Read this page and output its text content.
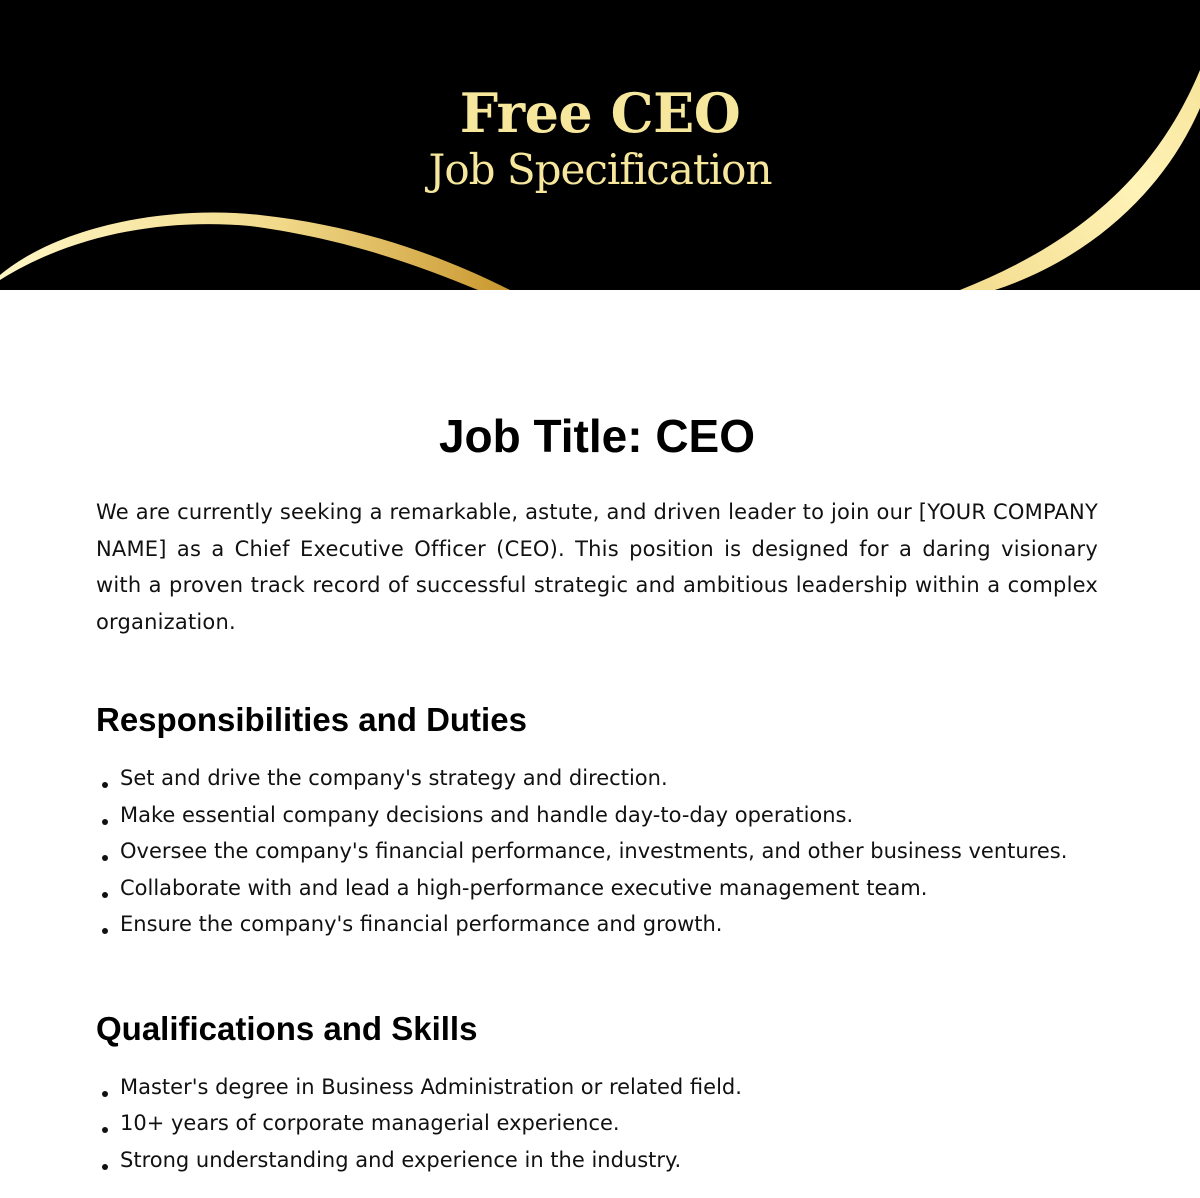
Free CEO
Job Specification
Job Title: CEO

We are currently seeking a remarkable, astute, and driven leader to join our [YOUR COMPANY NAME] as a Chief Executive Officer (CEO). This position is designed for a daring visionary with a proven track record of successful strategic and ambitious leadership within a complex organization.

Responsibilities and Duties
Set and drive the company's strategy and direction.
Make essential company decisions and handle day-to-day operations.
Oversee the company's financial performance, investments, and other business ventures.
Collaborate with and lead a high-performance executive management team.
Ensure the company's financial performance and growth.
Qualifications and Skills
Master's degree in Business Administration or related field.
10+ years of corporate managerial experience.
Strong understanding and experience in the industry.
